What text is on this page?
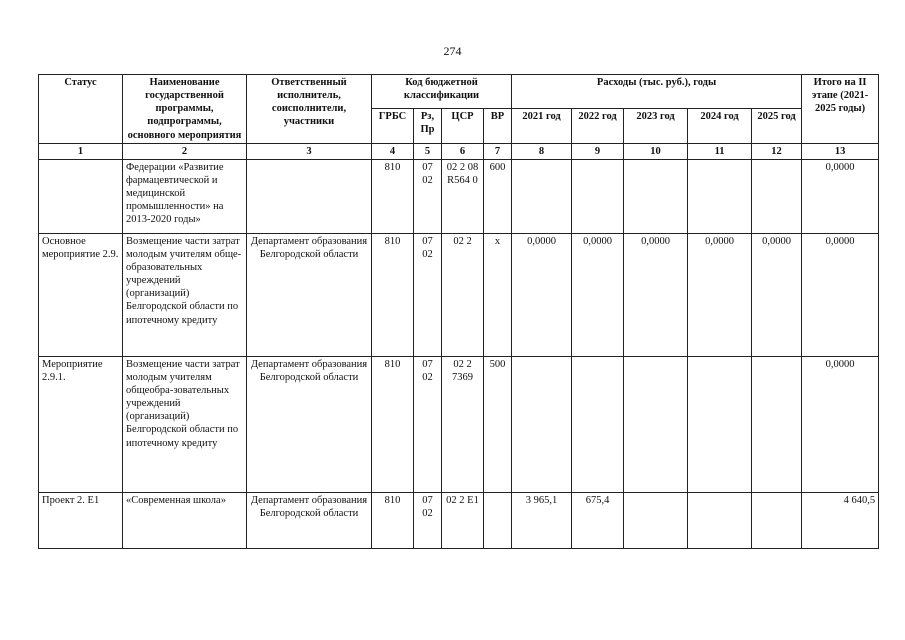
274
Статус	Наименование государственной программы, подпрограммы, основного мероприятия	Ответственный исполнитель, соисполнители, участники	Код бюджетной классификации				Расходы (тыс. руб.), годы					Итого на II этапе (2021-2025 годы)
			ГРБС	Рз, Пр	ЦСР	ВР	2021 год	2022 год	2023 год	2024 год	2025 год	
1	2	3	4	5	6	7	8	9	10	11	12	13
	Федерации «Развитие фармацевтической и медицинской промышленности» на 2013-2020 годы»		810	07 02	02 2 08 R564 0	600						0,0000
Основное мероприятие 2.9.	Возмещение части затрат молодым учителям обще-образовательных учреждений (организаций) Белгородской области по ипотечному кредиту	Департамент образования Белгородской области	810	07 02	02 2	х	0,0000	0,0000	0,0000	0,0000	0,0000	0,0000
Мероприятие 2.9.1.	Возмещение части затрат молодым учителям общеобра-зовательных учреждений (организаций) Белгородской области по ипотечному кредиту	Департамент образования Белгородской области	810	07 02	02 2 7369	500						0,0000
Проект 2. E1	«Современная школа»	Департамент образования Белгородской области	810	07 02	02 2 E1		3 965,1	675,4				4 640,5
